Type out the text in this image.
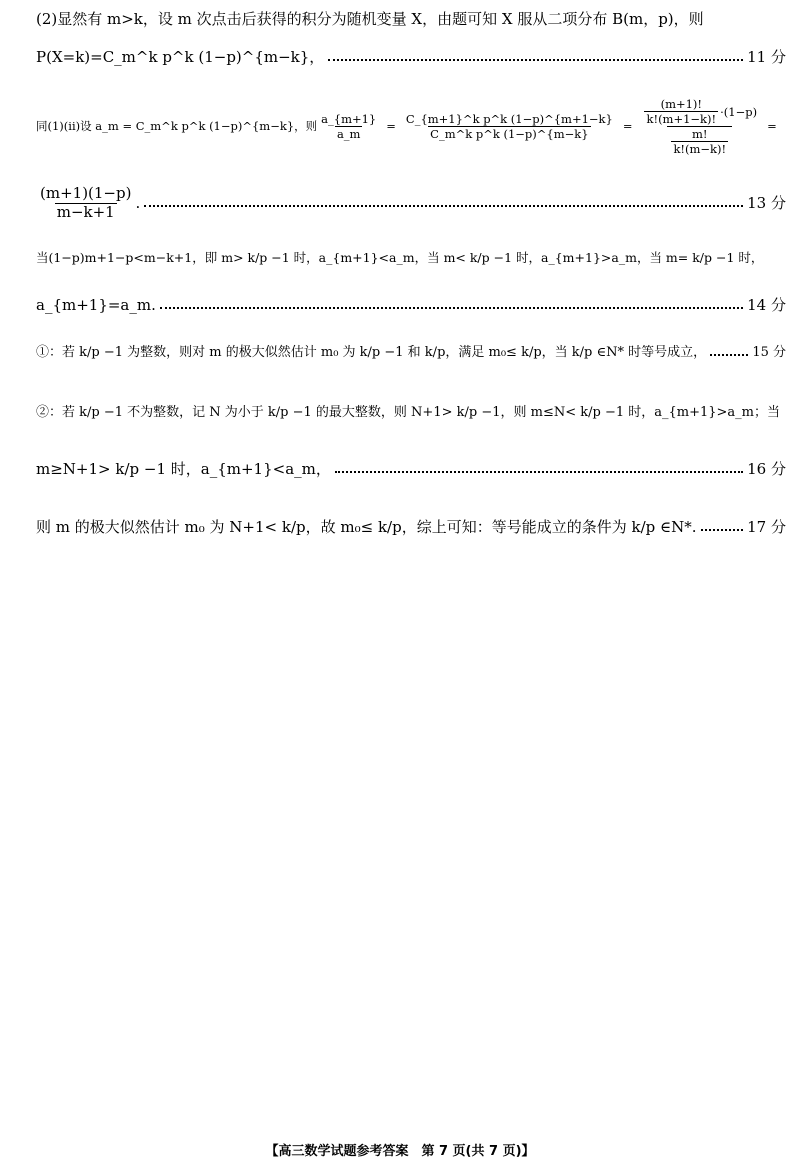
(2)显然有 m>k，设 m 次点击后获得的积分为随机变量 X，由题可知 X 服从二项分布 B(m，p)，则
P(X=k)=C_m^k p^k (1−p)^{m−k}，	11 分
同(1)(ii)设 a_m = C_m^k p^k (1−p)^{m−k}，则 $\frac{a\_\{m+1\}}{a\_m} = \frac{\text{C\_\{m+1\}\textasciicircum{}k p\textasciicircum{}k (1−p)\textasciicircum{}\{m+1−k\}}}{\text{C\_m\textasciicircum{}k p\textasciicircum{}k (1−p)\textasciicircum{}\{m−k\}}} = \frac{\frac{(m+1)!}{k!(m+1-k)!} \cdot(1-p)}{\frac{m!}{k!(m-k)!}}$ =
$\frac{(m+1)(1-p)}{m-k+1}$ .	13 分
当(1−p)m+1−p<m−k+1，即 m> k/p −1 时，a_{m+1}<a_m，当 m< k/p −1 时，a_{m+1}>a_m，当 m= k/p −1 时，
a_{m+1}=a_m.	14 分
①：若 k/p −1 为整数，则对 m 的极大似然估计 m₀ 为 k/p −1 和 k/p，满足 m₀≤ k/p，当 k/p ∈N* 时等号成立，	15 分
②：若 k/p −1 不为整数，记 N 为小于 k/p −1 的最大整数，则 N+1> k/p −1，则 m≤N< k/p −1 时，a_{m+1}>a_m；当
m≥N+1> k/p −1 时，a_{m+1}<a_m，	16 分
则 m 的极大似然估计 m₀ 为 N+1< k/p，故 m₀≤ k/p，综上可知：等号能成立的条件为 k/p ∈N*.	17 分
【高三数学试题参考答案　第 7 页(共 7 页)】
